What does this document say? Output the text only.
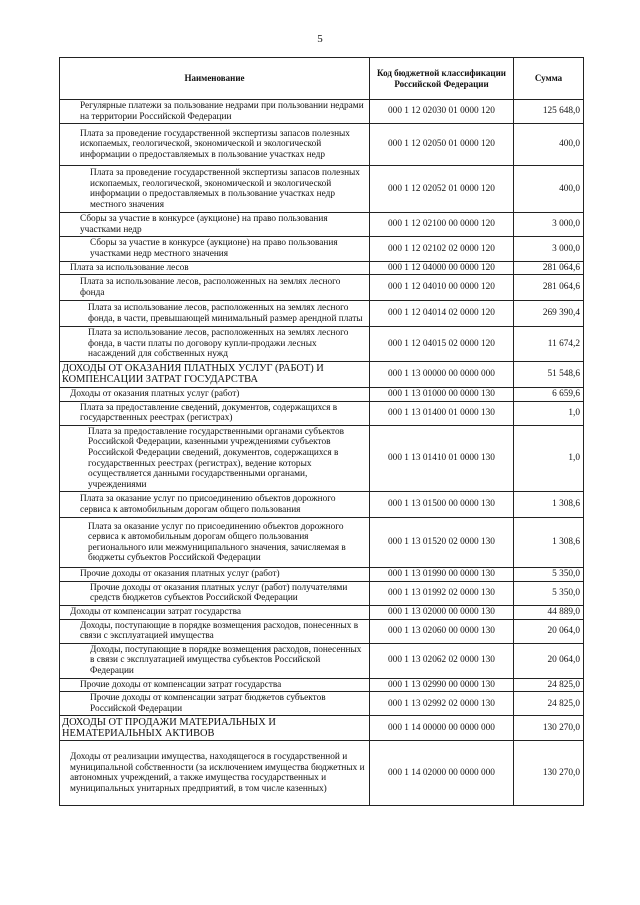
5
Наименование	Код бюджетной классификации Российской Федерации	Сумма
Регулярные платежи за пользование недрами при пользовании недрами на территории Российской Федерации	000 1 12 02030 01 0000 120	125 648,0
Плата за проведение государственной экспертизы запасов полезных ископаемых, геологической, экономической и экологической информации о предоставляемых в пользование участках недр	000 1 12 02050 01 0000 120	400,0
Плата за проведение государственной экспертизы запасов полезных ископаемых, геологической, экономической и экологической информации о предоставляемых в пользование участках недр местного значения	000 1 12 02052 01 0000 120	400,0
Сборы за участие в конкурсе (аукционе) на право пользования участками недр	000 1 12 02100 00 0000 120	3 000,0
Сборы за участие в конкурсе (аукционе) на право пользования участками недр местного значения	000 1 12 02102 02 0000 120	3 000,0
Плата за использование лесов	000 1 12 04000 00 0000 120	281 064,6
Плата за использование лесов, расположенных на землях лесного фонда	000 1 12 04010 00 0000 120	281 064,6
Плата за использование лесов, расположенных на землях лесного фонда, в части, превышающей минимальный размер арендной платы	000 1 12 04014 02 0000 120	269 390,4
Плата за использование лесов, расположенных на землях лесного фонда, в части платы по договору купли-продажи лесных насаждений для собственных нужд	000 1 12 04015 02 0000 120	11 674,2
ДОХОДЫ ОТ ОКАЗАНИЯ ПЛАТНЫХ УСЛУГ (РАБОТ) И КОМПЕНСАЦИИ ЗАТРАТ ГОСУДАРСТВА	000 1 13 00000 00 0000 000	51 548,6
Доходы от оказания платных услуг (работ)	000 1 13 01000 00 0000 130	6 659,6
Плата за предоставление сведений, документов, содержащихся в государственных реестрах (регистрах)	000 1 13 01400 01 0000 130	1,0
Плата за предоставление государственными органами субъектов Российской Федерации, казенными учреждениями субъектов Российской Федерации сведений, документов, содержащихся в государственных реестрах (регистрах), ведение которых осуществляется данными государственными органами, учреждениями	000 1 13 01410 01 0000 130	1,0
Плата за оказание услуг по присоединению объектов дорожного сервиса к автомобильным дорогам общего пользования	000 1 13 01500 00 0000 130	1 308,6
Плата за оказание услуг по присоединению объектов дорожного сервиса к автомобильным дорогам общего пользования регионального или межмуниципального значения, зачисляемая в бюджеты субъектов Российской Федерации	000 1 13 01520 02 0000 130	1 308,6
Прочие доходы от оказания платных услуг (работ)	000 1 13 01990 00 0000 130	5 350,0
Прочие доходы от оказания платных услуг (работ) получателями средств бюджетов субъектов Российской Федерации	000 1 13 01992 02 0000 130	5 350,0
Доходы от компенсации затрат государства	000 1 13 02000 00 0000 130	44 889,0
Доходы, поступающие в порядке возмещения расходов, понесенных в связи с эксплуатацией имущества	000 1 13 02060 00 0000 130	20 064,0
Доходы, поступающие в порядке возмещения расходов, понесенных в связи с эксплуатацией имущества субъектов Российской Федерации	000 1 13 02062 02 0000 130	20 064,0
Прочие доходы от компенсации затрат государства	000 1 13 02990 00 0000 130	24 825,0
Прочие доходы от компенсации затрат бюджетов субъектов Российской Федерации	000 1 13 02992 02 0000 130	24 825,0
ДОХОДЫ ОТ ПРОДАЖИ МАТЕРИАЛЬНЫХ И НЕМАТЕРИАЛЬНЫХ АКТИВОВ	000 1 14 00000 00 0000 000	130 270,0
Доходы от реализации имущества, находящегося в государственной и муниципальной собственности (за исключением имущества бюджетных и автономных учреждений, а также имущества государственных и муниципальных унитарных предприятий, в том числе казенных)	000 1 14 02000 00 0000 000	130 270,0
